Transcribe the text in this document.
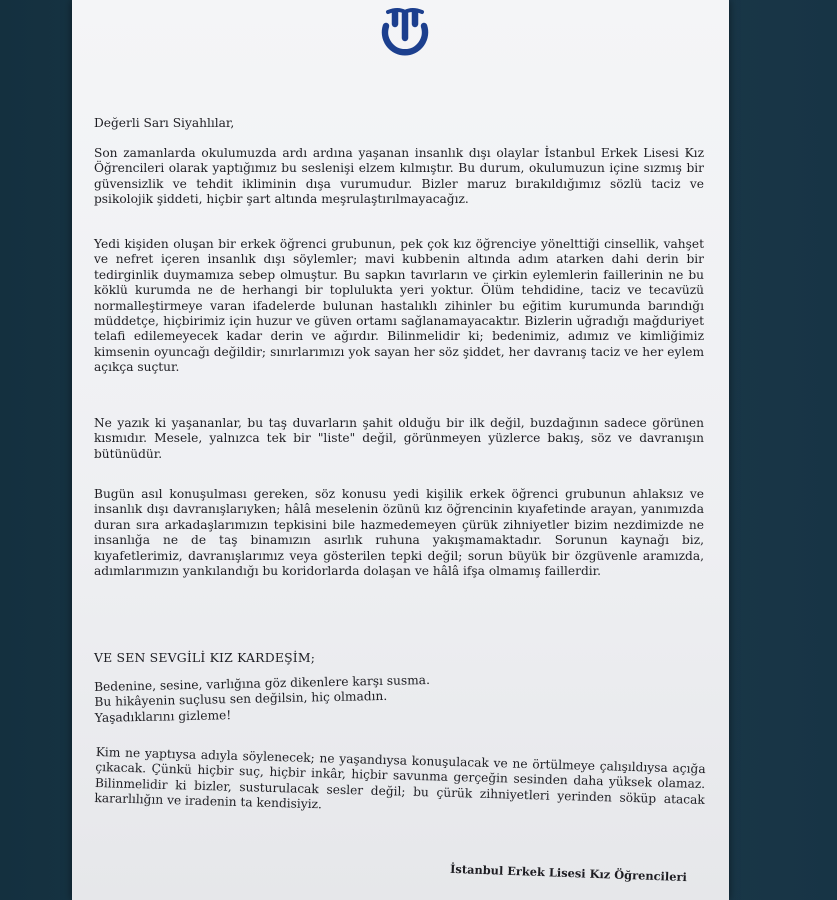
Değerli Sarı Siyahlılar,
Son zamanlarda okulumuzda ardı ardına yaşanan insanlık dışı olaylar İstanbul Erkek Lisesi Kız Öğrencileri olarak yaptığımız bu seslenişi elzem kılmıştır. Bu durum, okulumuzun içine sızmış bir güvensizlik ve tehdit ikliminin dışa vurumudur. Bizler maruz bırakıldığımız sözlü taciz ve psikolojik şiddeti, hiçbir şart altında meşrulaştırılmayacağız.
Yedi kişiden oluşan bir erkek öğrenci grubunun, pek çok kız öğrenciye yöneltti̇ği cinsellik, vahşet ve nefret içeren insanlık dışı söylemler; mavi kubbenin altında adım atarken dahi derin bir tedirginlik duymamıza sebep olmuştur. Bu sapkın tavırların ve çirkin eylemlerin faillerinin ne bu köklü kurumda ne de herhangi bir toplulukta yeri yoktur. Ölüm tehdidine, taciz ve tecavüzü normalleştirmeye varan ifadelerde bulunan hastalıklı zihinler bu eğitim kurumunda barındığı müddetçe, hiçbirimiz için huzur ve güven ortamı sağlanamayacaktır. Bizlerin uğradığı mağduriyet telafi edilemeyecek kadar derin ve ağırdır. Bilinmelidir ki; bedenimiz, adımız ve kimliğimiz kimsenin oyuncağı değildir; sınırlarımızı yok sayan her söz şiddet, her davranış taciz ve her eylem açıkça suçtur.
Ne yazık ki yaşananlar, bu taş duvarların şahit olduğu bir ilk değil, buzdağının sadece görünen kısmıdır. Mesele, yalnızca tek bir "liste" değil, görünmeyen yüzlerce bakış, söz ve davranışın bütünüdür.
Bugün asıl konuşulması gereken, söz konusu yedi kişilik erkek öğrenci grubunun ahlaksız ve insanlık dışı davranışlarıyken; hâlâ meselenin özünü kız öğrencinin kıyafetinde arayan, yanımızda duran sıra arkadaşlarımızın tepkisini bile hazmedemeyen çürük zihniyetler bizim nezdimizde ne insanlığa ne de taş binamızın asırlık ruhuna yakışmamaktadır. Sorunun kaynağı biz, kıyafetlerimiz, davranışlarımız veya gösterilen tepki değil; sorun büyük bir özgüvenle aramızda, adımlarımızın yankılandığı bu koridorlarda dolaşan ve hâlâ ifşa olmamış faillerdir.
VE SEN SEVGİLİ KIZ KARDEŞİM;
Bedenine, sesine, varlığına göz dikenlere karşı susma.
Bu hikâyenin suçlusu sen değilsin, hiç olmadın.
Yaşadıklarını gizleme!
Kim ne yaptıysa adıyla söylenecek; ne yaşandıysa konuşulacak ve ne örtülmeye çalışıldıysa açığa çıkacak. Çünkü hiçbir suç, hiçbir inkâr, hiçbir savunma gerçeğin sesinden daha yüksek olamaz. Bilinmelidir ki bizler, susturulacak sesler değil; bu çürük zihniyetleri yerinden söküp atacak kararlılığın ve iradenin ta kendisiyiz.
İstanbul Erkek Lisesi Kız Öğrencileri
